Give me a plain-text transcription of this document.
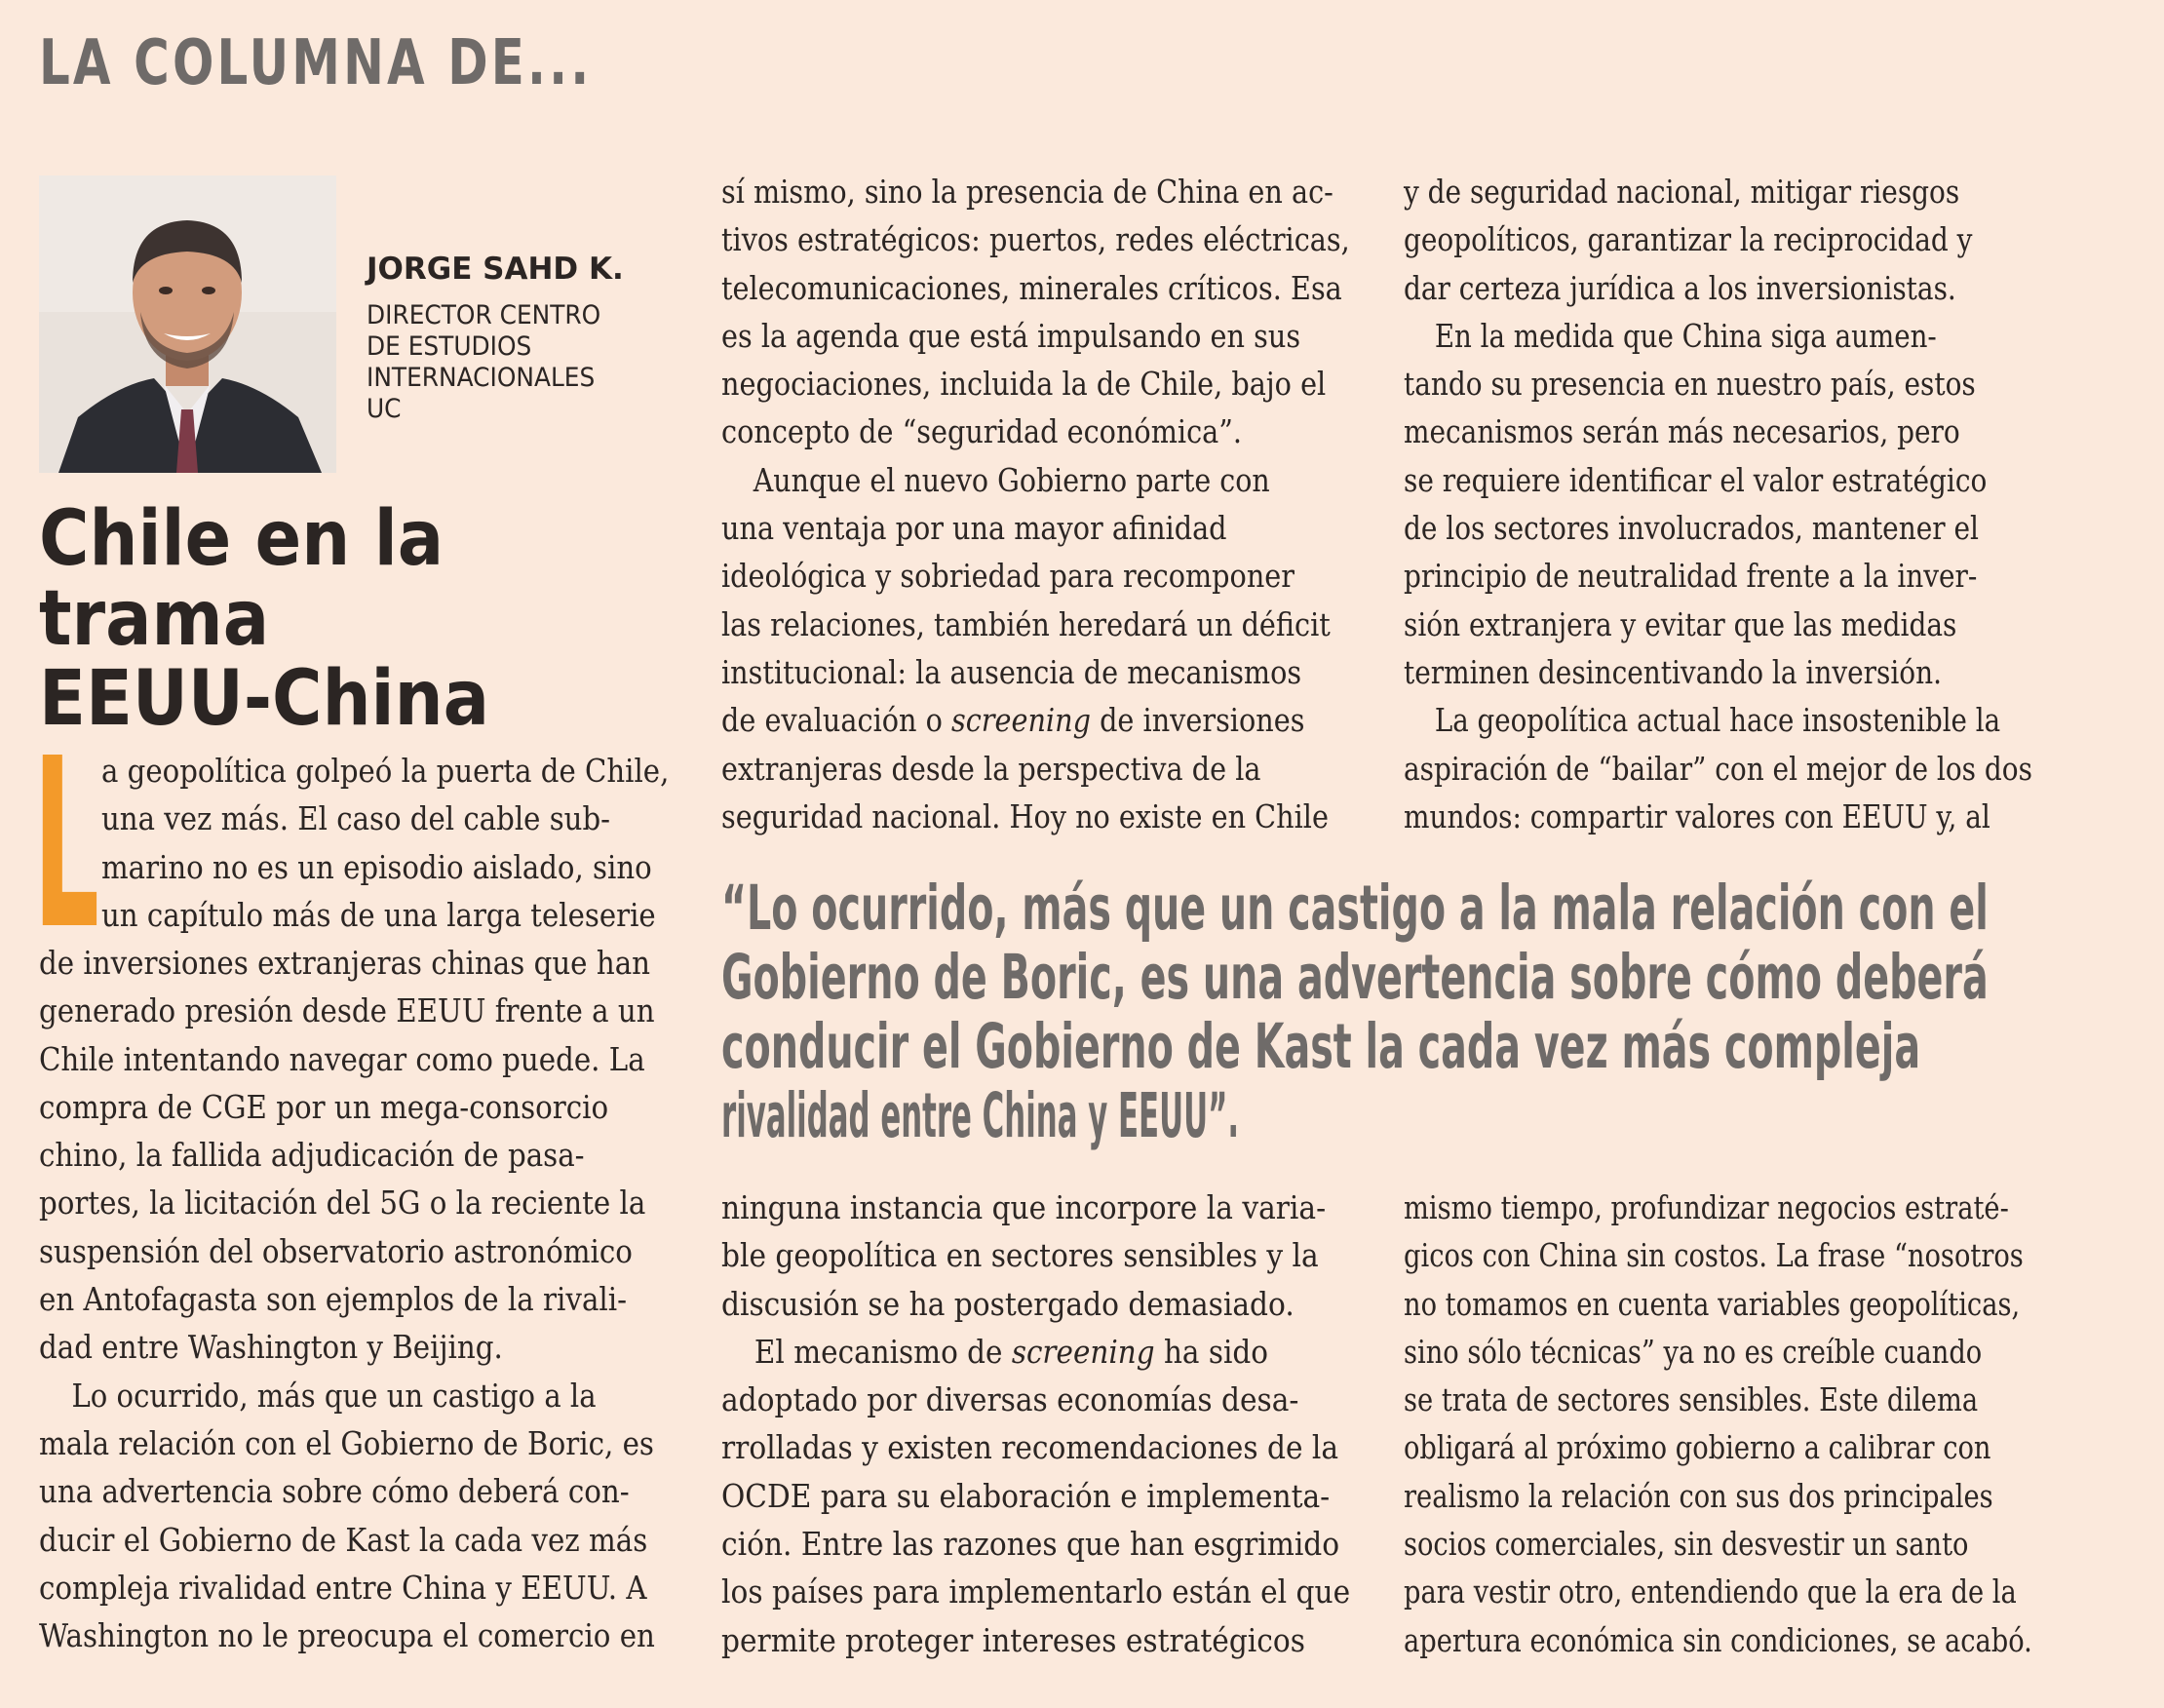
LA COLUMNA DE...
JORGE SAHD K.
DIRECTOR CENTRO
DE ESTUDIOS
INTERNACIONALES UC
Chile en la trama
EEUU-China
L a geopolítica golpeó la puerta de Chile,
una vez más. El caso del cable sub-
marino no es un episodio aislado, sino
un capítulo más de una larga teleserie
de inversiones extranjeras chinas que han
generado presión desde EEUU frente a un
Chile intentando navegar como puede. La
compra de CGE por un mega-consorcio
chino, la fallida adjudicación de pasa-
portes, la licitación del 5G o la reciente la
suspensión del observatorio astronómico
en Antofagasta son ejemplos de la rivali-
dad entre Washington y Beijing.
Lo ocurrido, más que un castigo a la
mala relación con el Gobierno de Boric, es
una advertencia sobre cómo deberá con-
ducir el Gobierno de Kast la cada vez más
compleja rivalidad entre China y EEUU. A
Washington no le preocupa el comercio en
sí mismo, sino la presencia de China en ac-
tivos estratégicos: puertos, redes eléctricas,
telecomunicaciones, minerales críticos. Esa
es la agenda que está impulsando en sus
negociaciones, incluida la de Chile, bajo el
concepto de “seguridad económica”.
Aunque el nuevo Gobierno parte con
una ventaja por una mayor afinidad
ideológica y sobriedad para recomponer
las relaciones, también heredará un déficit
institucional: la ausencia de mecanismos
de evaluación o screening de inversiones
extranjeras desde la perspectiva de la
seguridad nacional. Hoy no existe en Chile
ninguna instancia que incorpore la varia-
ble geopolítica en sectores sensibles y la
discusión se ha postergado demasiado.
El mecanismo de screening ha sido
adoptado por diversas economías desa-
rrolladas y existen recomendaciones de la
OCDE para su elaboración e implementa-
ción. Entre las razones que han esgrimido
los países para implementarlo están el que
permite proteger intereses estratégicos
y de seguridad nacional, mitigar riesgos
geopolíticos, garantizar la reciprocidad y
dar certeza jurídica a los inversionistas.
En la medida que China siga aumen-
tando su presencia en nuestro país, estos
mecanismos serán más necesarios, pero
se requiere identificar el valor estratégico
de los sectores involucrados, mantener el
principio de neutralidad frente a la inver-
sión extranjera y evitar que las medidas
terminen desincentivando la inversión.
La geopolítica actual hace insostenible la
aspiración de “bailar” con el mejor de los dos
mundos: compartir valores con EEUU y, al
mismo tiempo, profundizar negocios estraté-
gicos con China sin costos. La frase “nosotros
no tomamos en cuenta variables geopolíticas,
sino sólo técnicas” ya no es creíble cuando
se trata de sectores sensibles. Este dilema
obligará al próximo gobierno a calibrar con
realismo la relación con sus dos principales
socios comerciales, sin desvestir un santo
para vestir otro, entendiendo que la era de la
apertura económica sin condiciones, se acabó.
“Lo ocurrido, más que un castigo a la mala relación con el
Gobierno de Boric, es una advertencia sobre cómo deberá
conducir el Gobierno de Kast la cada vez más compleja
rivalidad entre China y EEUU”.
